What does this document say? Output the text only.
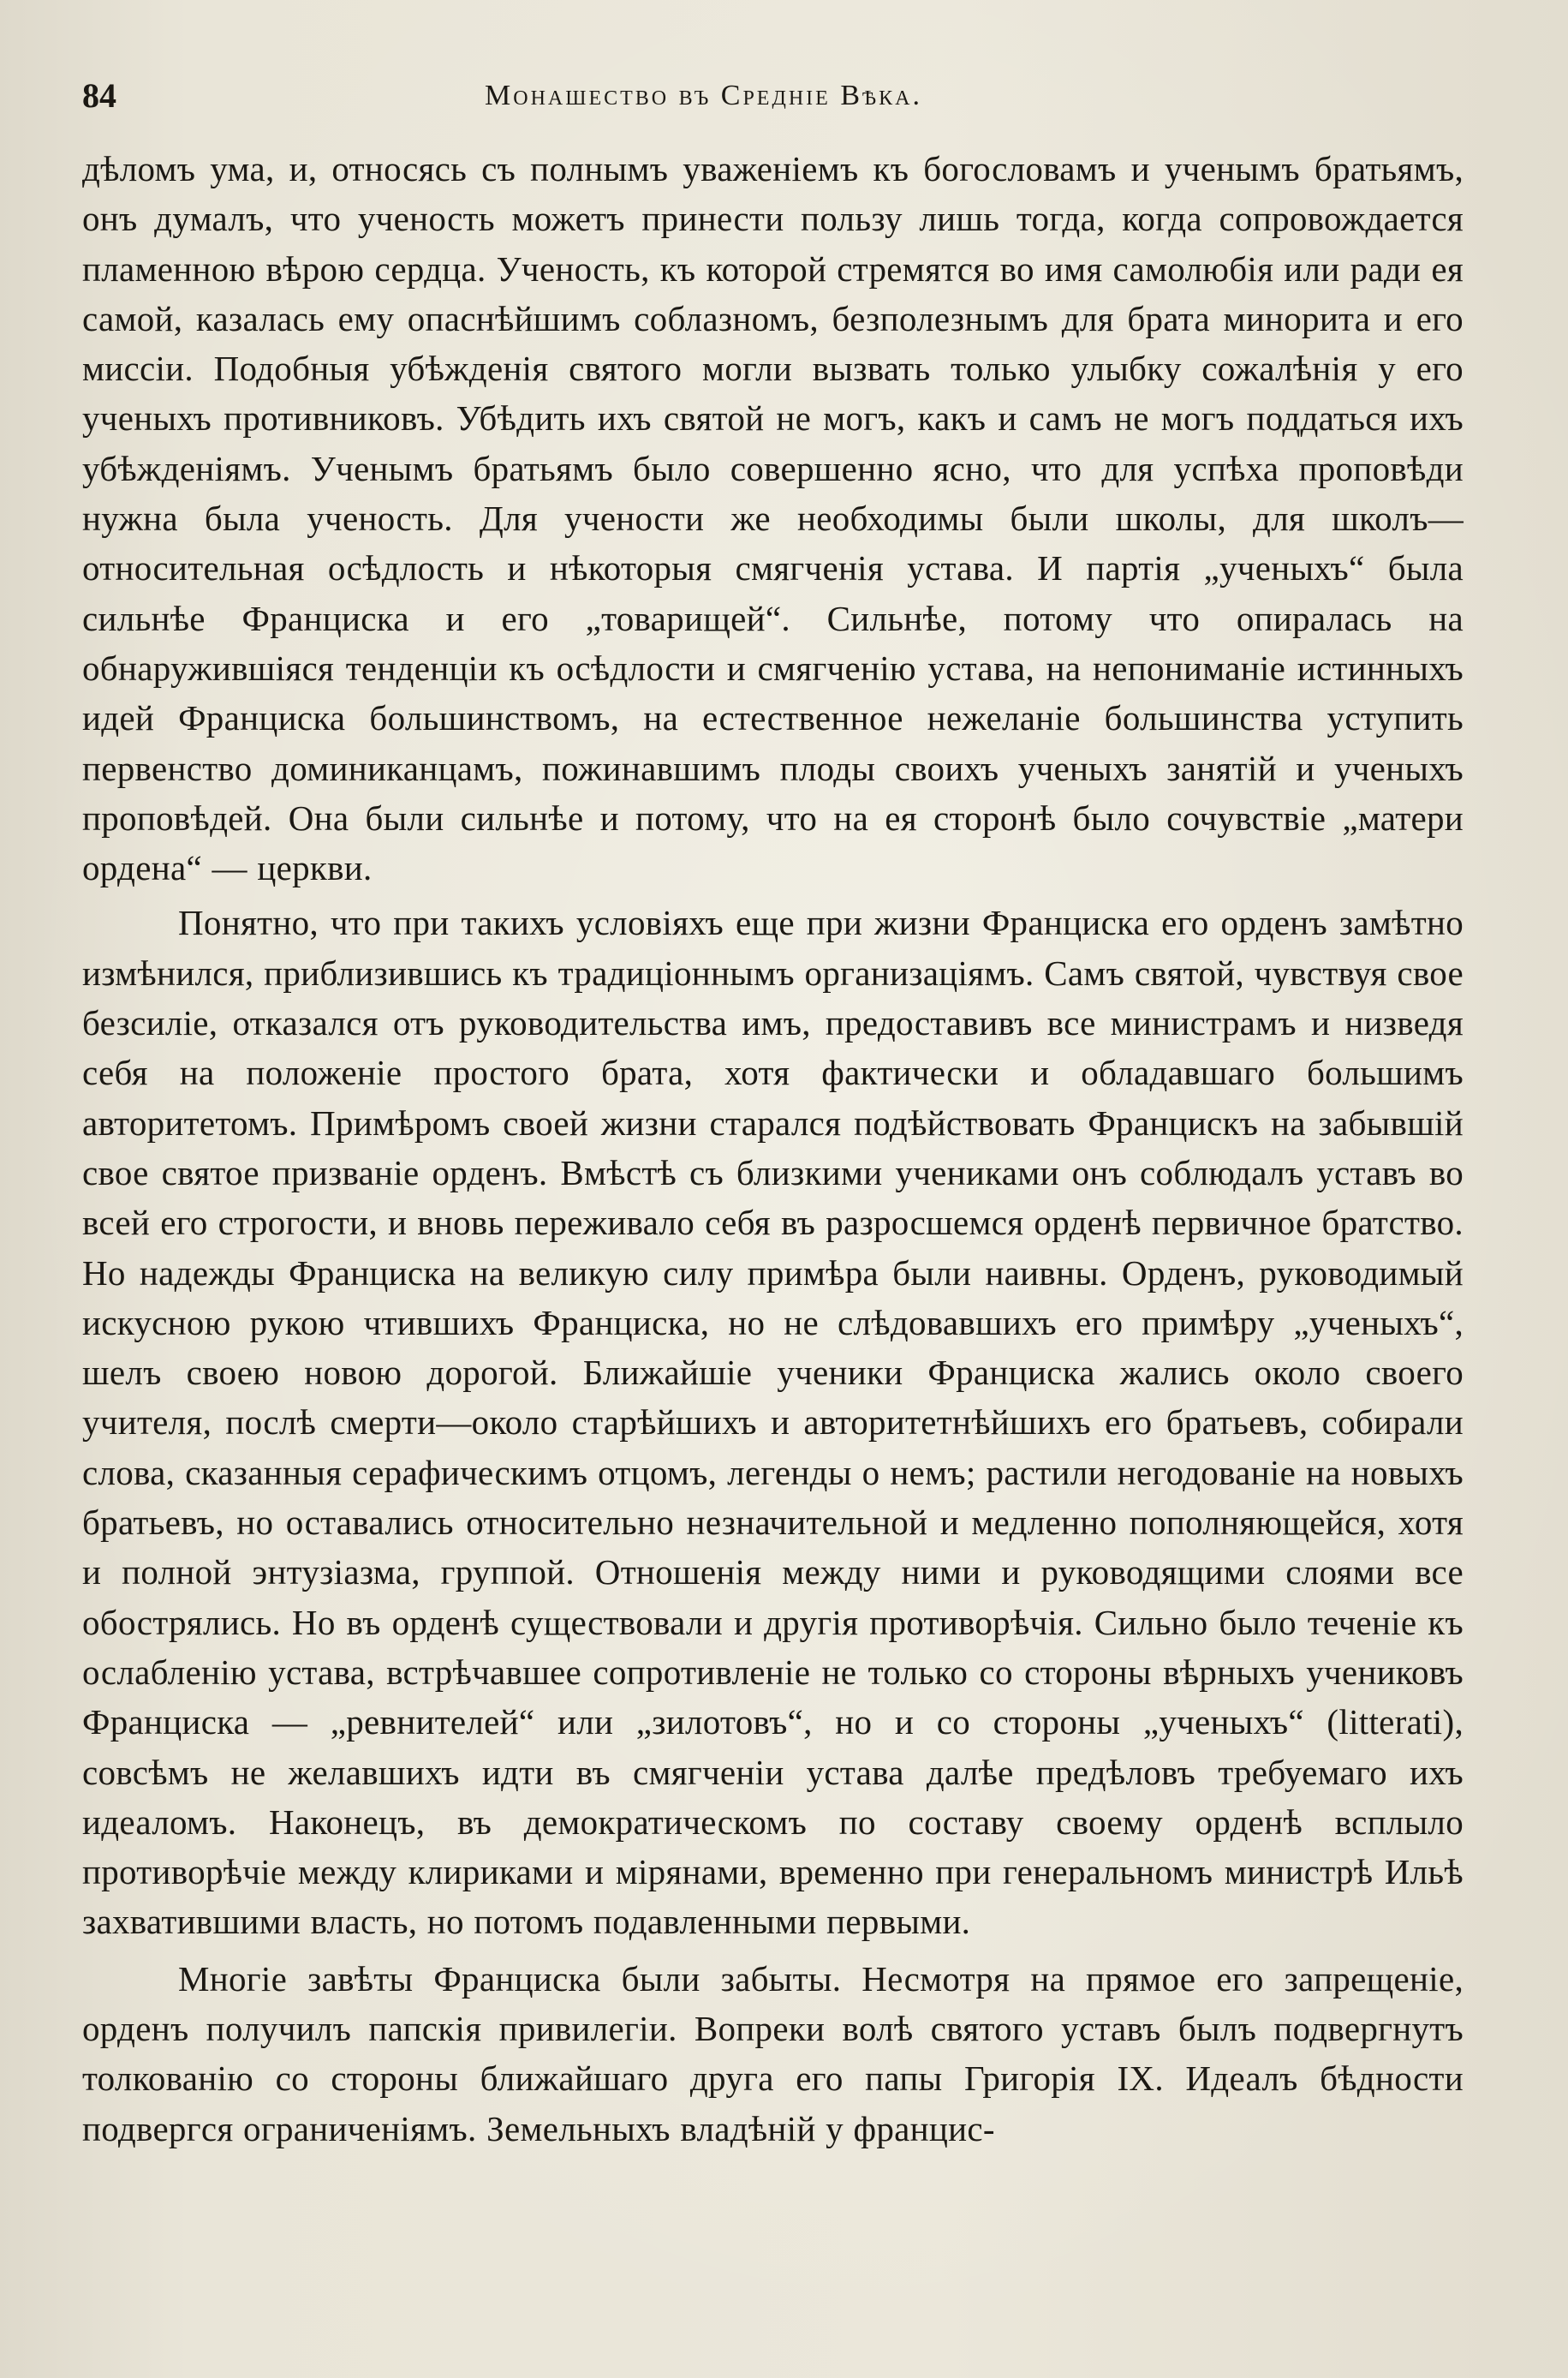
84	Монашество въ Средніе Вѣка.

дѣломъ ума, и, относясь съ полнымъ уваженіемъ къ богословамъ и ученымъ братьямъ, онъ думалъ, что ученость можетъ принести пользу лишь тогда, когда сопровождается пламенною вѣрою сердца. Ученость, къ которой стремятся во имя самолюбія или ради ея самой, казалась ему опаснѣйшимъ соблазномъ, безполезнымъ для брата минорита и его миссіи. Подобныя убѣжденія святого могли вызвать только улыбку сожалѣнія у его ученыхъ противниковъ. Убѣдить ихъ святой не могъ, какъ и самъ не могъ поддаться ихъ убѣжденіямъ. Ученымъ братьямъ было совершенно ясно, что для успѣха проповѣди нужна была ученость. Для учености же необходимы были школы, для школъ—относительная осѣдлость и нѣкоторыя смягченія устава. И партія „ученыхъ“ была сильнѣе Франциска и его „товарищей“. Сильнѣе, потому что опиралась на обнаружившіяся тенденціи къ осѣдлости и смягченію устава, на непониманіе истинныхъ идей Франциска большинствомъ, на естественное нежеланіе большинства уступить первенство доминиканцамъ, пожинавшимъ плоды своихъ ученыхъ занятій и ученыхъ проповѣдей. Она были сильнѣе и потому, что на ея сторонѣ было сочувствіе „матери ордена“ — церкви.

Понятно, что при такихъ условіяхъ еще при жизни Франциска его орденъ замѣтно измѣнился, приблизившись къ традиціоннымъ организаціямъ. Самъ святой, чувствуя свое безсиліе, отказался отъ руководительства имъ, предоставивъ все министрамъ и низведя себя на положеніе простого брата, хотя фактически и обладавшаго большимъ авторитетомъ. Примѣромъ своей жизни старался подѣйствовать Францискъ на забывшій свое святое призваніе орденъ. Вмѣстѣ съ близкими учениками онъ соблюдалъ уставъ во всей его строгости, и вновь переживало себя въ разросшемся орденѣ первичное братство. Но надежды Франциска на великую силу примѣра были наивны. Орденъ, руководимый искусною рукою чтившихъ Франциска, но не слѣдовавшихъ его примѣру „ученыхъ“, шелъ своею новою дорогой. Ближайшіе ученики Франциска жались около своего учителя, послѣ смерти—около старѣйшихъ и авторитетнѣйшихъ его братьевъ, собирали слова, сказанныя серафическимъ отцомъ, легенды о немъ; растили негодованіе на новыхъ братьевъ, но оставались относительно незначительной и медленно пополняющейся, хотя и полной энтузіазма, группой. Отношенія между ними и руководящими слоями все обострялись. Но въ орденѣ существовали и другія противорѣчія. Сильно было теченіе къ ослабленію устава, встрѣчавшее сопротивленіе не только со стороны вѣрныхъ учениковъ Франциска — „ревнителей“ или „зилотовъ“, но и со стороны „ученыхъ“ (litterati), совсѣмъ не желавшихъ идти въ смягченіи устава далѣе предѣловъ требуемаго ихъ идеаломъ. Наконецъ, въ демократическомъ по составу своему орденѣ всплыло противорѣчіе между клириками и мірянами, временно при генеральномъ министрѣ Ильѣ захватившими власть, но потомъ подавленными первыми.

Многіе завѣты Франциска были забыты. Несмотря на прямое его запрещеніе, орденъ получилъ папскія привилегіи. Вопреки волѣ святого уставъ былъ подвергнутъ толкованію со стороны ближайшаго друга его папы Григорія IX. Идеалъ бѣдности подвергся ограниченіямъ. Земельныхъ владѣній у францис-
